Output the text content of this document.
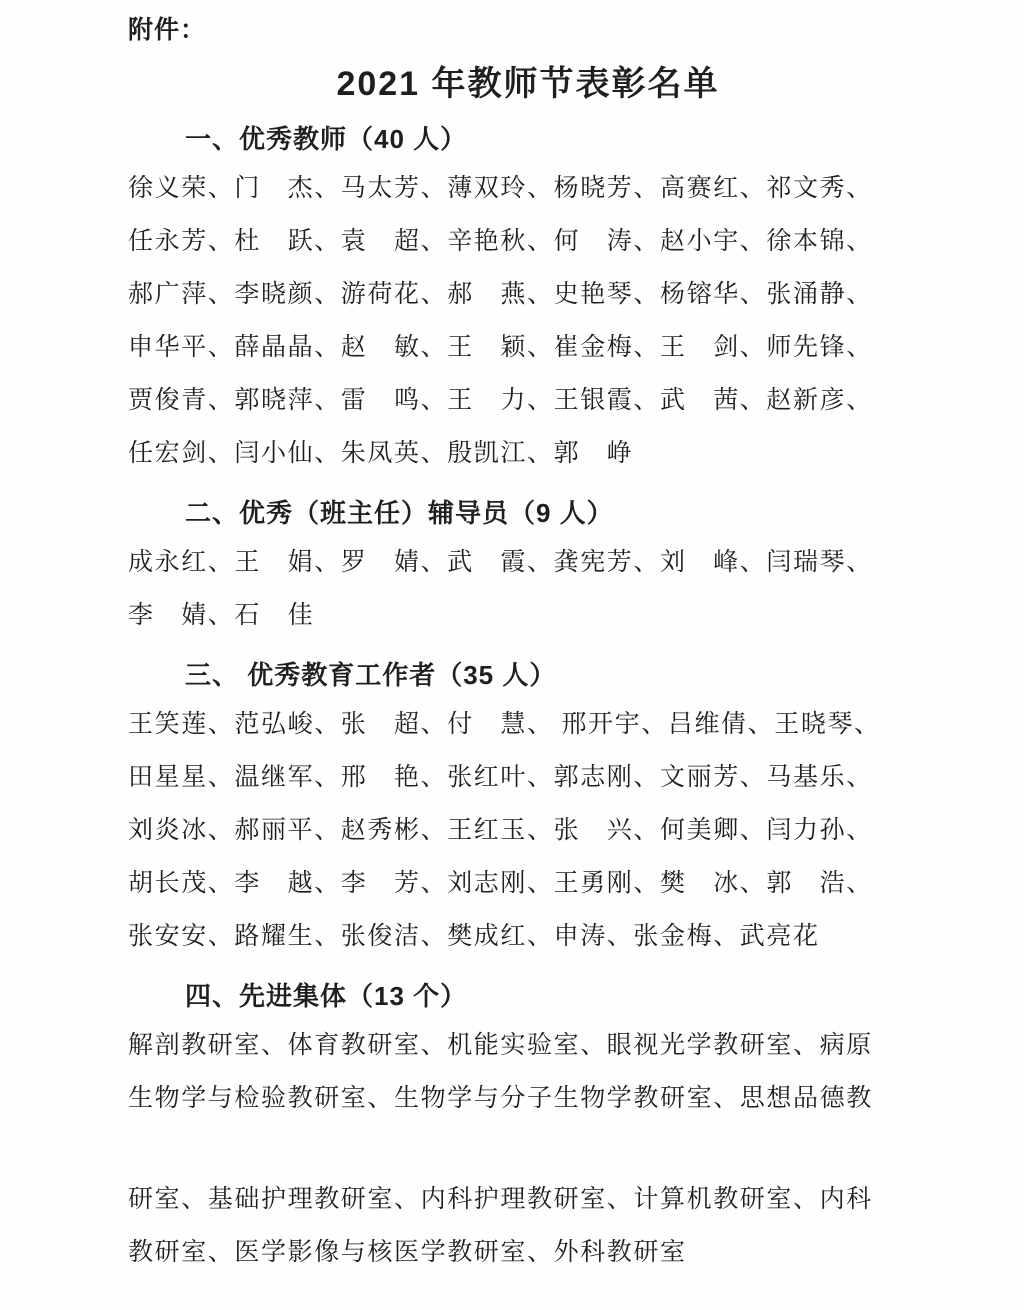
附件：
2021 年教师节表彰名单
一、优秀教师（40 人）
徐义荣、门　杰、马太芳、薄双玲、杨晓芳、高赛红、祁文秀、
任永芳、杜　跃、袁　超、辛艳秋、何　涛、赵小宇、徐本锦、
郝广萍、李晓颜、游荷花、郝　燕、史艳琴、杨镕华、张涌静、
申华平、薛晶晶、赵　敏、王　颖、崔金梅、王　剑、师先锋、
贾俊青、郭晓萍、雷　鸣、王　力、王银霞、武　茜、赵新彦、
任宏剑、闫小仙、朱凤英、殷凯江、郭　峥
二、优秀（班主任）辅导员（9 人）
成永红、王　娟、罗　婧、武　霞、龚宪芳、刘　峰、闫瑞琴、
李　婧、石　佳
三、 优秀教育工作者（35 人）
王笑莲、范弘峻、张　超、付　慧、 邢开宇、吕维倩、王晓琴、
田星星、温继军、邢　艳、张红叶、郭志刚、文丽芳、马基乐、
刘炎冰、郝丽平、赵秀彬、王红玉、张　兴、何美卿、闫力孙、
胡长茂、李　越、李　芳、刘志刚、王勇刚、樊　冰、郭　浩、
张安安、路耀生、张俊洁、樊成红、申涛、张金梅、武亮花
四、先进集体（13 个）
解剖教研室、体育教研室、机能实验室、眼视光学教研室、病原
生物学与检验教研室、生物学与分子生物学教研室、思想品德教
研室、基础护理教研室、内科护理教研室、计算机教研室、内科
教研室、医学影像与核医学教研室、外科教研室
